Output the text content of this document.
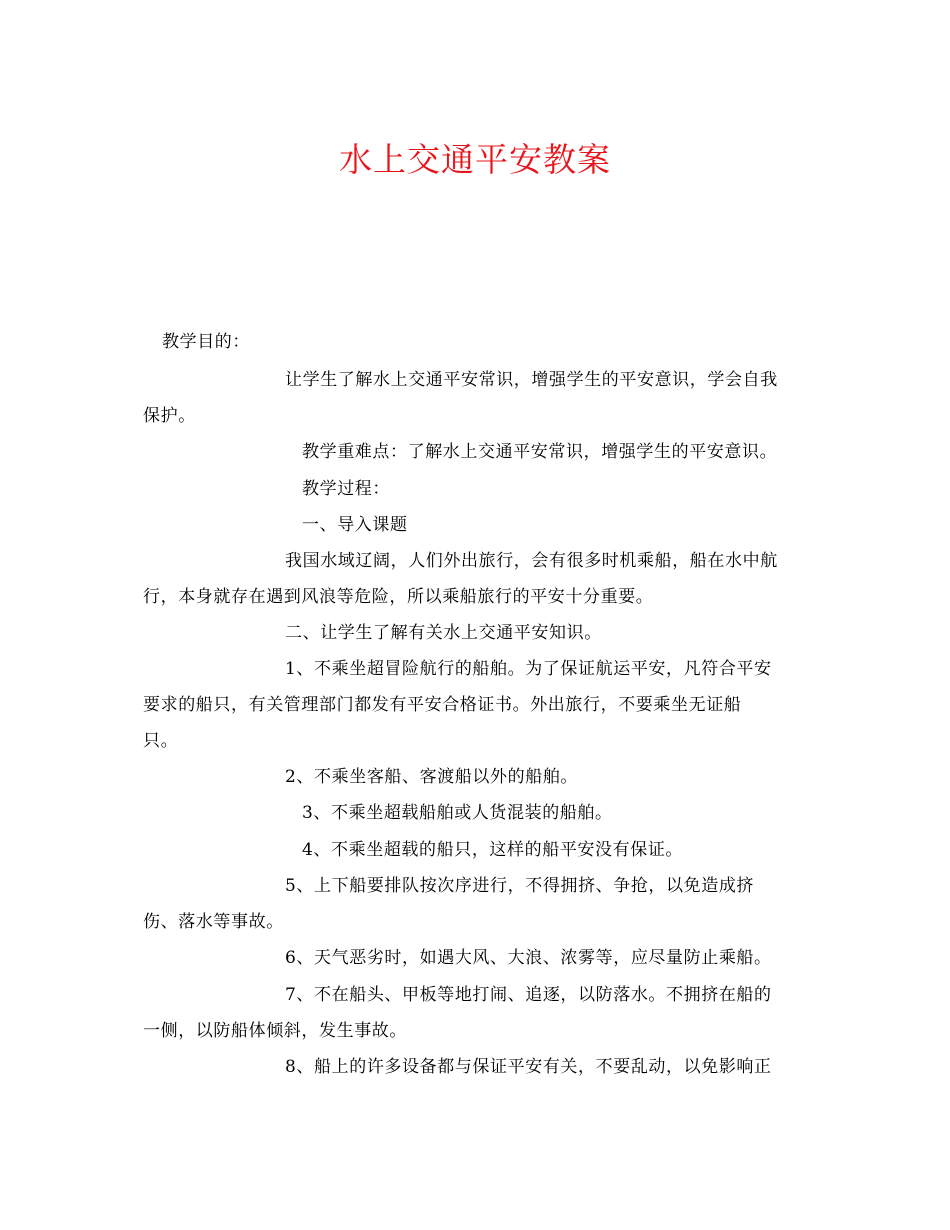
水上交通平安教案
教学目的：
让学生了解水上交通平安常识，增强学生的平安意识，学会自我
保护。
教学重难点：了解水上交通平安常识，增强学生的平安意识。
教学过程：
一、导入课题
我国水域辽阔，人们外出旅行，会有很多时机乘船，船在水中航
行，本身就存在遇到风浪等危险，所以乘船旅行的平安十分重要。
二、让学生了解有关水上交通平安知识。
1、不乘坐超冒险航行的船舶。为了保证航运平安，凡符合平安
要求的船只，有关管理部门都发有平安合格证书。外出旅行，不要乘坐无证船
只。
2、不乘坐客船、客渡船以外的船舶。
3、不乘坐超载船舶或人货混装的船舶。
4、不乘坐超载的船只，这样的船平安没有保证。
5、上下船要排队按次序进行，不得拥挤、争抢，以免造成挤
伤、落水等事故。
6、天气恶劣时，如遇大风、大浪、浓雾等，应尽量防止乘船。
7、不在船头、甲板等地打闹、追逐，以防落水。不拥挤在船的
一侧，以防船体倾斜，发生事故。
8、船上的许多设备都与保证平安有关，不要乱动，以免影响正
